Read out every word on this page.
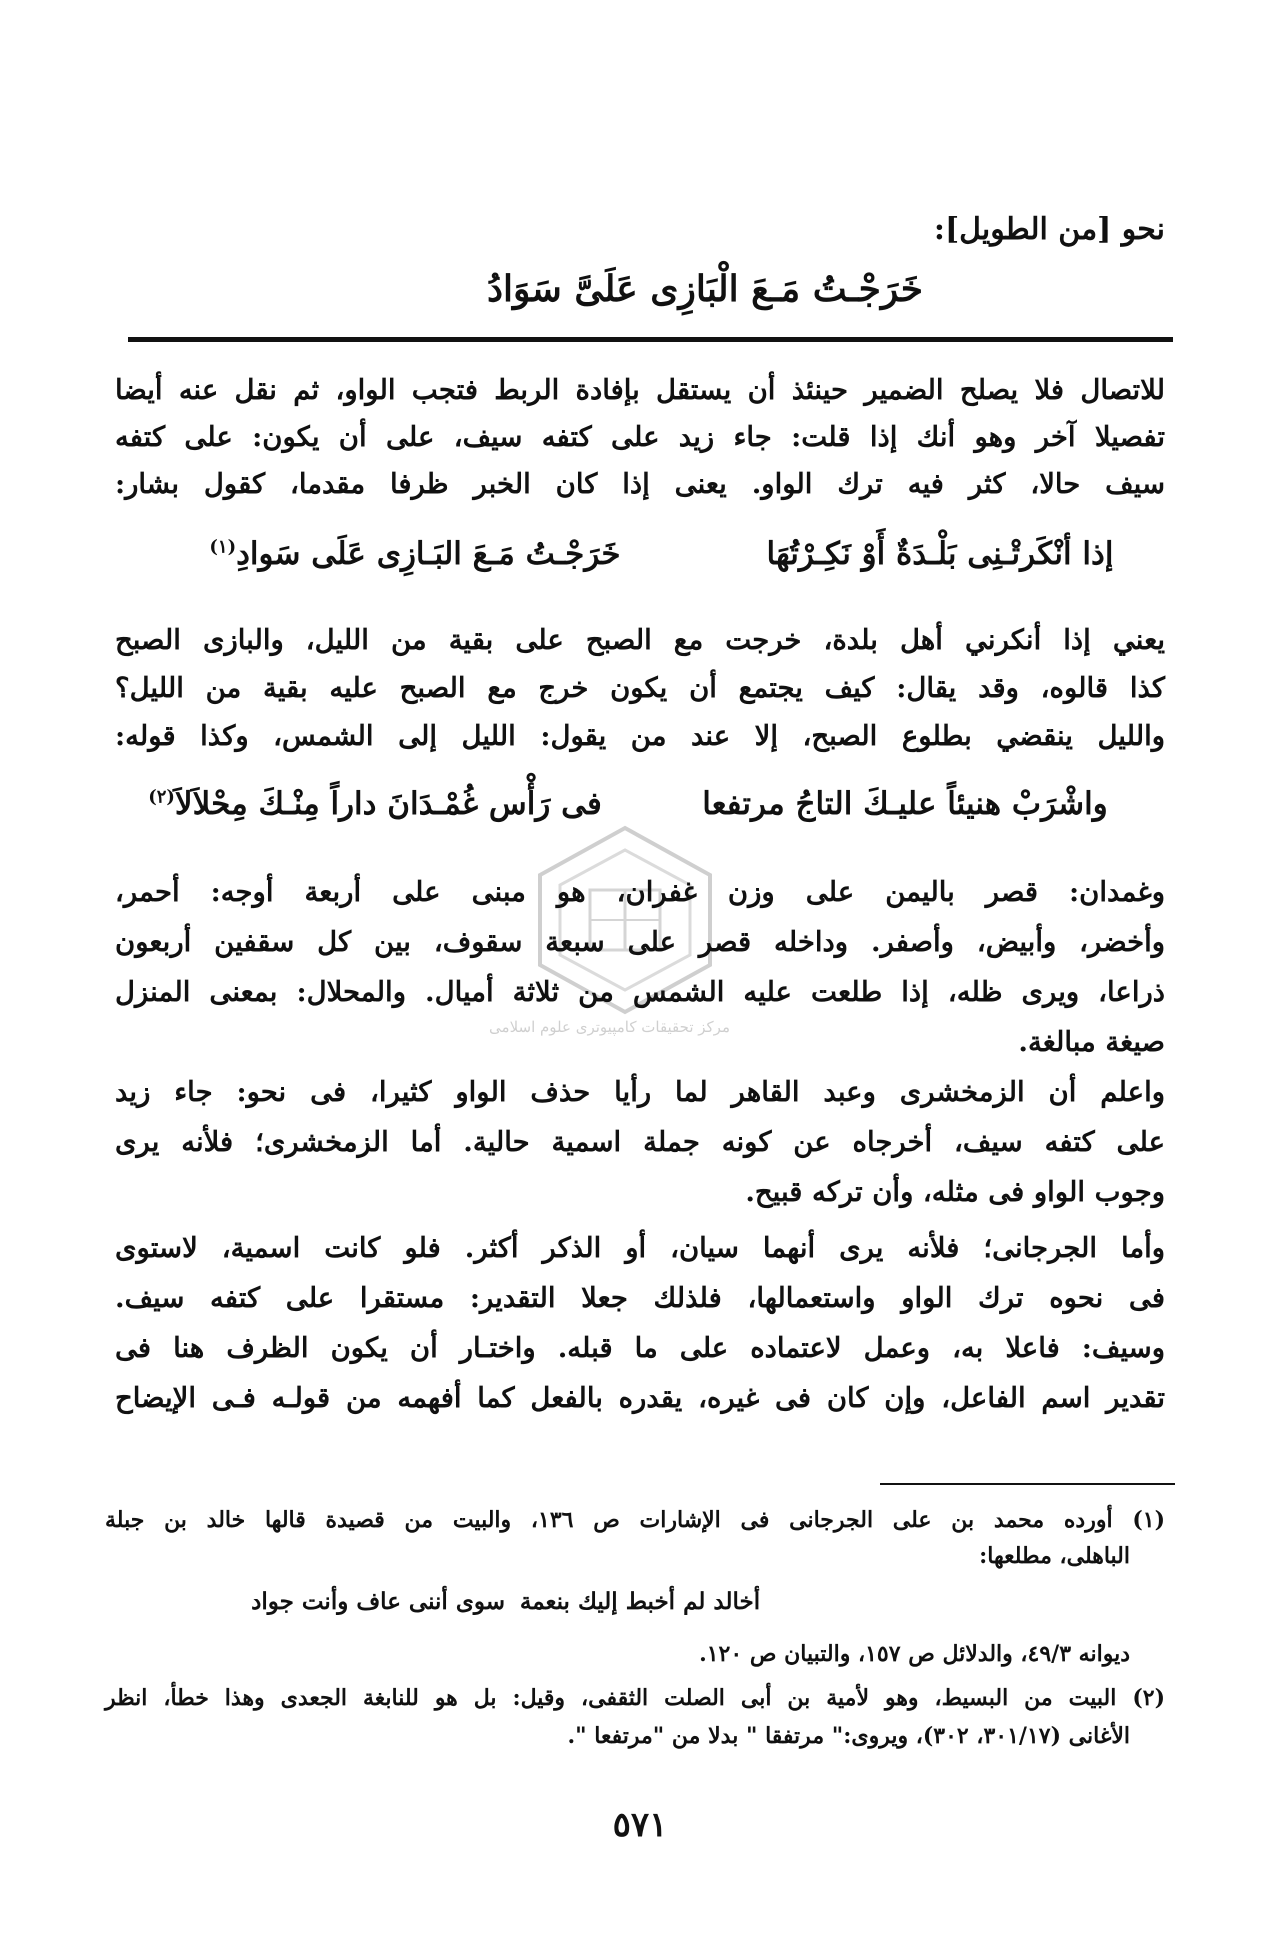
مرکز تحقیقات کامپیوتری علوم اسلامی
نحو [من الطويل]:
خَرَجْـتُ مَـعَ الْبَازِى عَلَىَّ سَوَادُ
للاتصال فلا يصلح الضمير حينئذ أن يستقل بإفادة الربط فتجب الواو، ثم نقل عنه أيضا
تفصيلا آخر وهو أنك إذا قلت: جاء زيد على كتفه سيف، على أن يكون: على كتفه
سيف حالا، كثر فيه ترك الواو. يعنى إذا كان الخبر ظرفا مقدما، كقول بشار:
إذا أنْكَرتْـنِى بَلْـدَةٌ أَوْ نَكِـرْتُهَا
خَرَجْـتُ مَـعَ البَـازِى عَلَى سَوادِ$^{(١)}$
يعني إذا أنكرني أهل بلدة، خرجت مع الصبح على بقية من الليل، والبازى الصبح
كذا قالوه، وقد يقال: كيف يجتمع أن يكون خرج مع الصبح عليه بقية من الليل؟
والليل ينقضي بطلوع الصبح، إلا عند من يقول: الليل إلى الشمس، وكذا قوله:
واشْرَبْ هنيئاً عليـكَ التاجُ مرتفعا
فى رَأْس غُمْـدَانَ داراً مِنْـكَ مِحْلاَلاَ$^{(٢)}$
وغمدان: قصر باليمن على وزن غفران، هو مبنى على أربعة أوجه: أحمر،
وأخضر، وأبيض، وأصفر. وداخله قصر على سبعة سقوف، بين كل سقفين أربعون
ذراعا، ويرى ظله، إذا طلعت عليه الشمس من ثلاثة أميال. والمحلال: بمعنى المنزل
صيغة مبالغة.
واعلم أن الزمخشرى وعبد القاهر لما رأيا حذف الواو كثيرا، فى نحو: جاء زيد
على كتفه سيف، أخرجاه عن كونه جملة اسمية حالية. أما الزمخشرى؛ فلأنه يرى
وجوب الواو فى مثله، وأن تركه قبيح.
وأما الجرجانى؛ فلأنه يرى أنهما سيان، أو الذكر أكثر. فلو كانت اسمية، لاستوى
فى نحوه ترك الواو واستعمالها، فلذلك جعلا التقدير: مستقرا على كتفه سيف.
وسيف: فاعلا به، وعمل لاعتماده على ما قبله. واختـار أن يكون الظرف هنا فى
تقدير اسم الفاعل، وإن كان فى غيره، يقدره بالفعل كما أفهمه من قولـه فـى الإيضاح
(١) أورده محمد بن على الجرجانى فى الإشارات ص ١٣٦، والبيت من قصيدة قالها خالد بن جبلة
الباهلى، مطلعها:
أخالد لم أخبط إليك بنعمة
سوى أننى عاف وأنت جواد
ديوانه ٤٩/٣، والدلائل ص ١٥٧، والتبيان ص ١٢٠.
(٢) البيت من البسيط، وهو لأمية بن أبى الصلت الثقفى، وقيل: بل هو للنابغة الجعدى وهذا خطأ، انظر
الأغانى (٣٠١/١٧، ٣٠٢)، ويروى:" مرتفقا " بدلا من "مرتفعا ".
٥٧١
